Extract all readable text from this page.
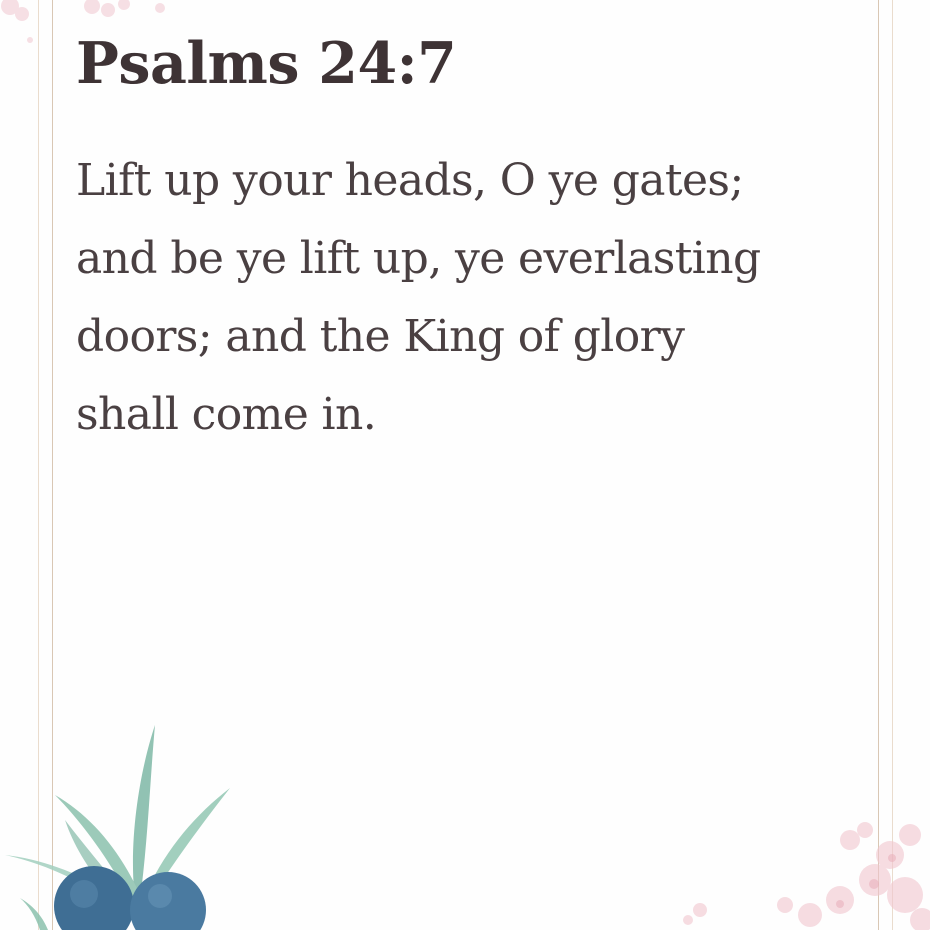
Psalms 24:7

Lift up your heads, O ye gates;
and be ye lift up, ye everlasting
doors; and the King of glory
shall come in.
